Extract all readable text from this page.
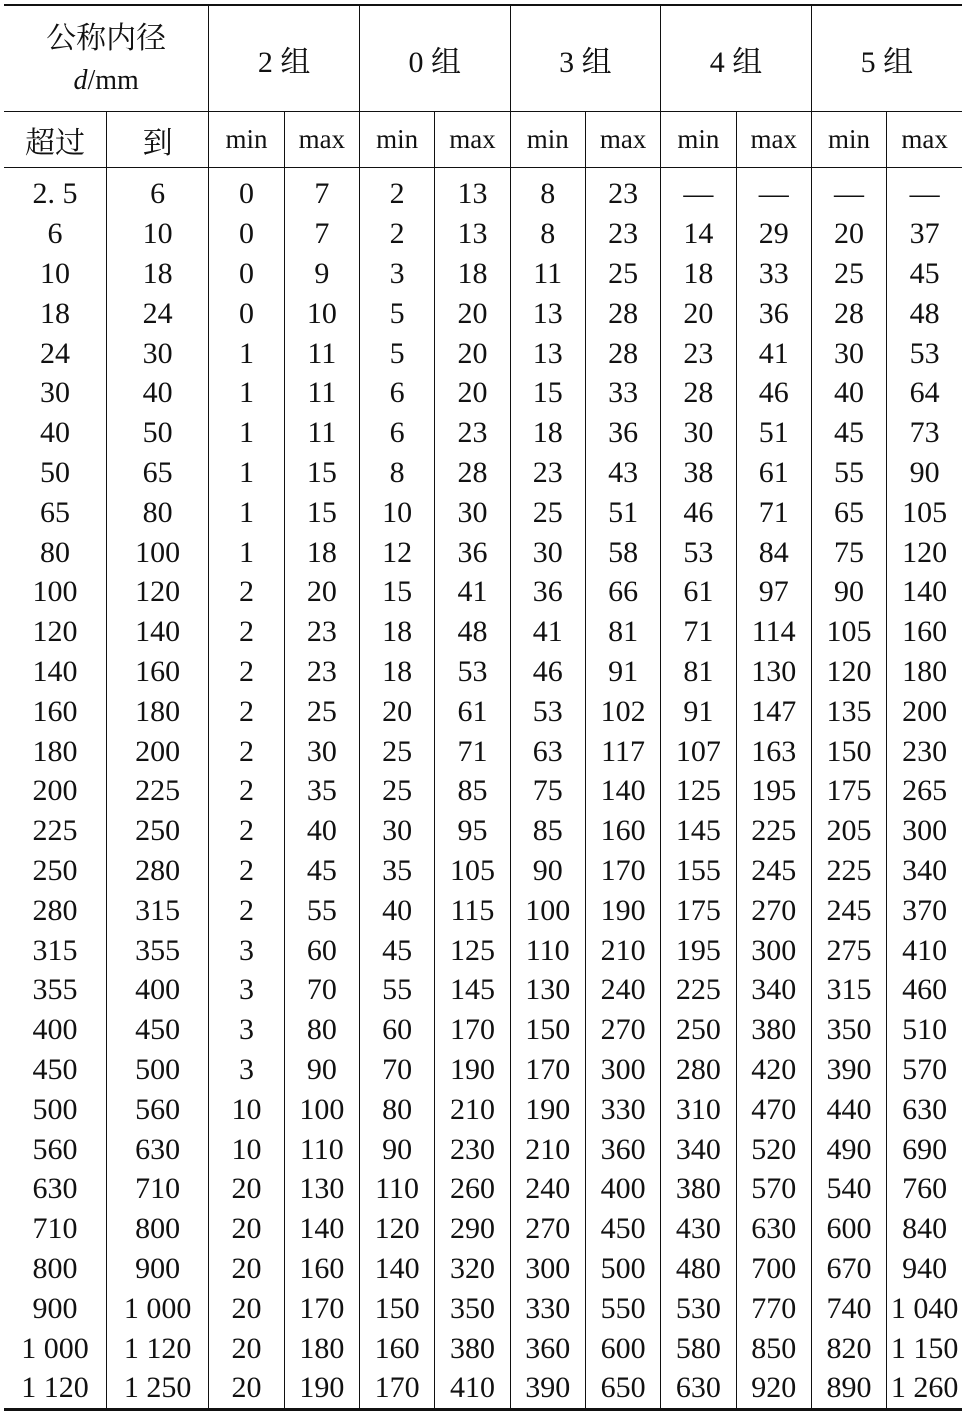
公称内径
d/mm		2 组		0 组		3 组		4 组		5 组	
超过	到	min	max	min	max	min	max	min	max	min	max
2. 5	6	0	7	2	13	8	23	—	—	—	—
6	10	0	7	2	13	8	23	14	29	20	37
10	18	0	9	3	18	11	25	18	33	25	45
18	24	0	10	5	20	13	28	20	36	28	48
24	30	1	11	5	20	13	28	23	41	30	53
30	40	1	11	6	20	15	33	28	46	40	64
40	50	1	11	6	23	18	36	30	51	45	73
50	65	1	15	8	28	23	43	38	61	55	90
65	80	1	15	10	30	25	51	46	71	65	105
80	100	1	18	12	36	30	58	53	84	75	120
100	120	2	20	15	41	36	66	61	97	90	140
120	140	2	23	18	48	41	81	71	114	105	160
140	160	2	23	18	53	46	91	81	130	120	180
160	180	2	25	20	61	53	102	91	147	135	200
180	200	2	30	25	71	63	117	107	163	150	230
200	225	2	35	25	85	75	140	125	195	175	265
225	250	2	40	30	95	85	160	145	225	205	300
250	280	2	45	35	105	90	170	155	245	225	340
280	315	2	55	40	115	100	190	175	270	245	370
315	355	3	60	45	125	110	210	195	300	275	410
355	400	3	70	55	145	130	240	225	340	315	460
400	450	3	80	60	170	150	270	250	380	350	510
450	500	3	90	70	190	170	300	280	420	390	570
500	560	10	100	80	210	190	330	310	470	440	630
560	630	10	110	90	230	210	360	340	520	490	690
630	710	20	130	110	260	240	400	380	570	540	760
710	800	20	140	120	290	270	450	430	630	600	840
800	900	20	160	140	320	300	500	480	700	670	940
900	1 000	20	170	150	350	330	550	530	770	740	1 040
1 000	1 120	20	180	160	380	360	600	580	850	820	1 150
1 120	1 250	20	190	170	410	390	650	630	920	890	1 260
